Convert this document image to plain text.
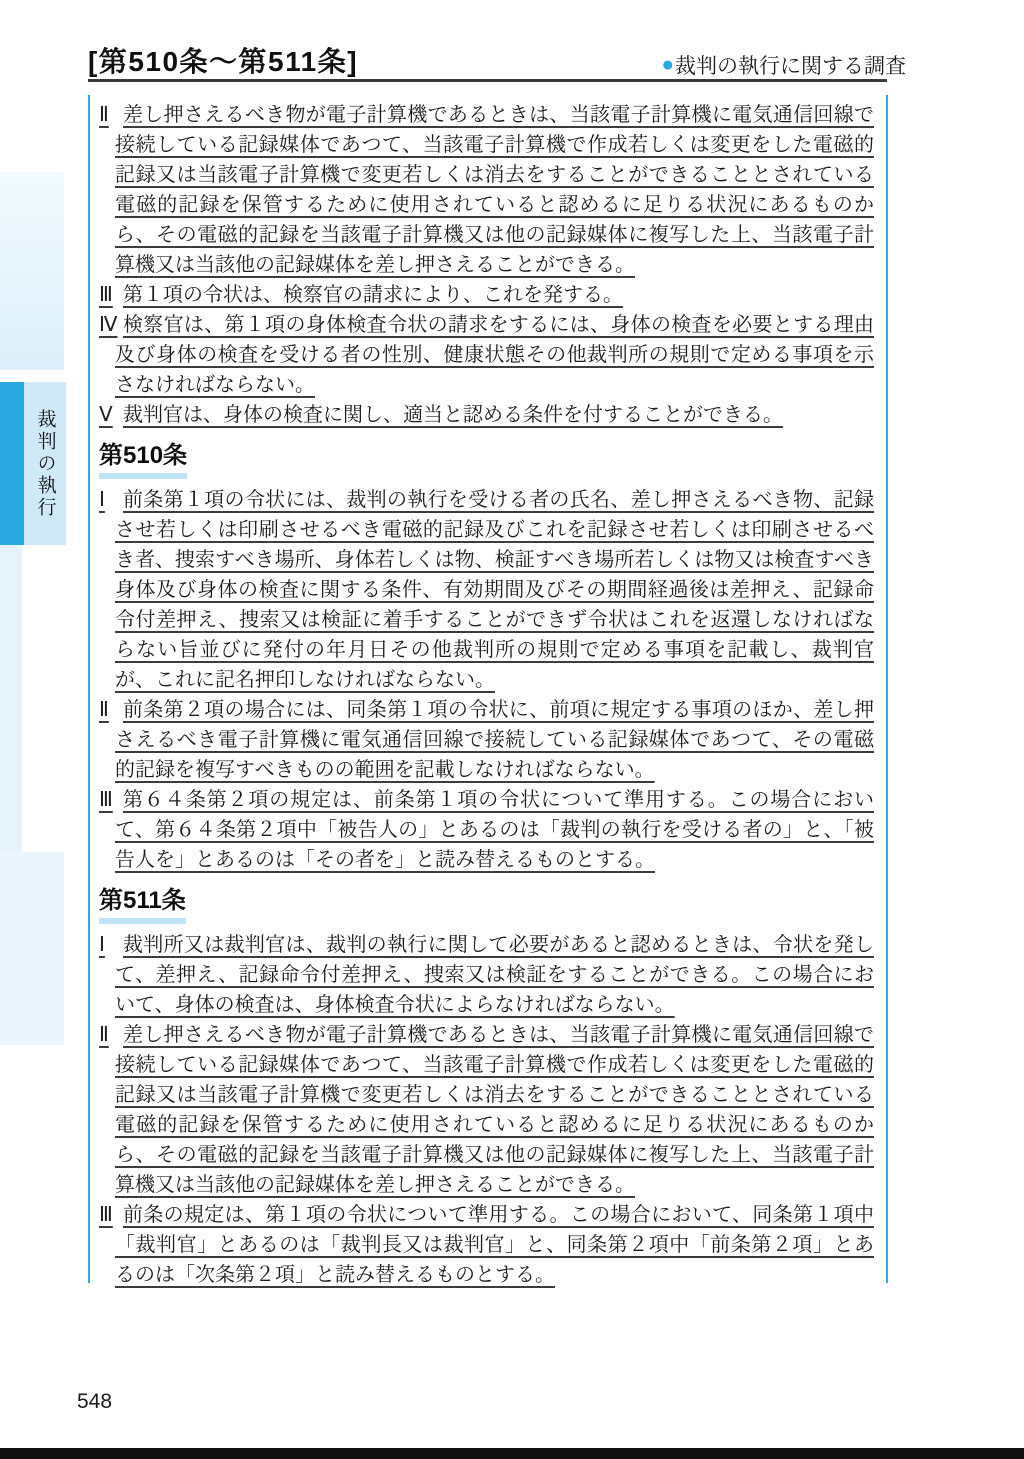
[第510条～第511条]	● 裁判の執行に関する調査
裁判の執行
Ⅱ 差し押さえるべき物が電子計算機であるときは、当該電子計算機に電気通信回線で接続している記録媒体であつて、当該電子計算機で作成若しくは変更をした電磁的記録又は当該電子計算機で変更若しくは消去をすることができることとされている電磁的記録を保管するために使用されていると認めるに足りる状況にあるものから、その電磁的記録を当該電子計算機又は他の記録媒体に複写した上、当該電子計算機又は当該他の記録媒体を差し押さえることができる。
Ⅲ 第１項の令状は、検察官の請求により、これを発する。
Ⅳ 検察官は、第１項の身体検査令状の請求をするには、身体の検査を必要とする理由及び身体の検査を受ける者の性別、健康状態その他裁判所の規則で定める事項を示さなければならない。
Ⅴ 裁判官は、身体の検査に関し、適当と認める条件を付することができる。
第510条
Ⅰ 前条第１項の令状には、裁判の執行を受ける者の氏名、差し押さえるべき物、記録させ若しくは印刷させるべき電磁的記録及びこれを記録させ若しくは印刷させるべき者、捜索すべき場所、身体若しくは物、検証すべき場所若しくは物又は検査すべき身体及び身体の検査に関する条件、有効期間及びその期間経過後は差押え、記録命令付差押え、捜索又は検証に着手することができず令状はこれを返還しなければならない旨並びに発付の年月日その他裁判所の規則で定める事項を記載し、裁判官が、これに記名押印しなければならない。
Ⅱ 前条第２項の場合には、同条第１項の令状に、前項に規定する事項のほか、差し押さえるべき電子計算機に電気通信回線で接続している記録媒体であつて、その電磁的記録を複写すべきものの範囲を記載しなければならない。
Ⅲ 第６４条第２項の規定は、前条第１項の令状について準用する。この場合において、第６４条第２項中「被告人の」とあるのは「裁判の執行を受ける者の」と、「被告人を」とあるのは「その者を」と読み替えるものとする。
第511条
Ⅰ 裁判所又は裁判官は、裁判の執行に関して必要があると認めるときは、令状を発して、差押え、記録命令付差押え、捜索又は検証をすることができる。この場合において、身体の検査は、身体検査令状によらなければならない。
Ⅱ 差し押さえるべき物が電子計算機であるときは、当該電子計算機に電気通信回線で接続している記録媒体であつて、当該電子計算機で作成若しくは変更をした電磁的記録又は当該電子計算機で変更若しくは消去をすることができることとされている電磁的記録を保管するために使用されていると認めるに足りる状況にあるものから、その電磁的記録を当該電子計算機又は他の記録媒体に複写した上、当該電子計算機又は当該他の記録媒体を差し押さえることができる。
Ⅲ 前条の規定は、第１項の令状について準用する。この場合において、同条第１項中「裁判官」とあるのは「裁判長又は裁判官」と、同条第２項中「前条第２項」とあるのは「次条第２項」と読み替えるものとする。
548
